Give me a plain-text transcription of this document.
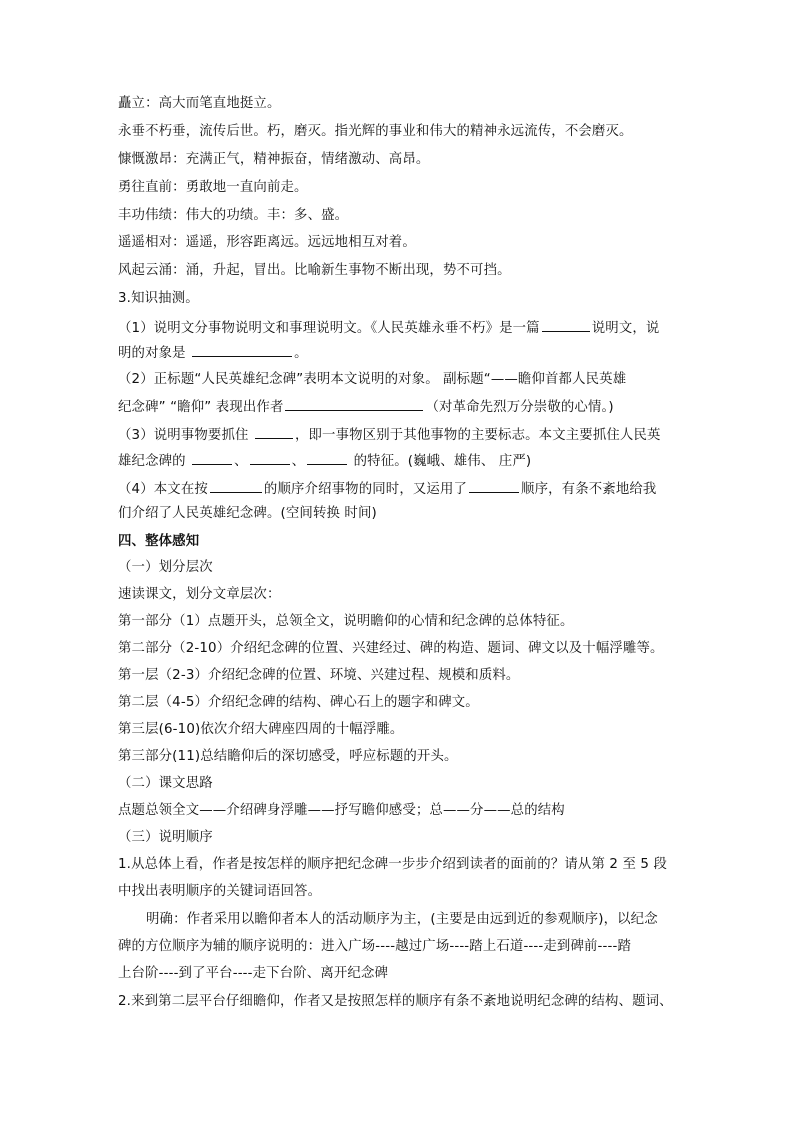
矗立：高大而笔直地挺立。
永垂不朽垂，流传后世。朽，磨灭。指光辉的事业和伟大的精神永远流传，不会磨灭。
慷慨激昂：充满正气，精神振奋，情绪激动、高昂。
勇往直前：勇敢地一直向前走。
丰功伟绩：伟大的功绩。丰：多、盛。
遥遥相对：遥遥，形容距离远。远远地相互对着。
风起云涌：涌，升起，冒出。比喻新生事物不断出现，势不可挡。
3.知识抽测。
（1）说明文分事物说明文和事理说明文。《人民英雄永垂不朽》是一篇	说明文，说
明的对象是	。
（2）正标题“人民英雄纪念碑”表明本文说明的对象。 副标题“——瞻仰首都人民英雄
纪念碑” “瞻仰” 表现出作者	（对革命先烈万分崇敬的心情。)
（3）说明事物要抓住	，即一事物区别于其他事物的主要标志。本文主要抓住人民英
雄纪念碑的	、	、	的特征。(巍峨、雄伟、 庄严)
（4）本文在按	的顺序介绍事物的同时，又运用了	顺序，有条不紊地给我
们介绍了人民英雄纪念碑。(空间转换 时间)
四、整体感知
（一）划分层次
速读课文，划分文章层次：
第一部分（1）点题开头，总领全文，说明瞻仰的心情和纪念碑的总体特征。
第二部分（2-10）介绍纪念碑的位置、兴建经过、碑的构造、题词、碑文以及十幅浮雕等。
第一层（2-3）介绍纪念碑的位置、环境、兴建过程、规模和质料。
第二层（4-5）介绍纪念碑的结构、碑心石上的题字和碑文。
第三层(6-10)依次介绍大碑座四周的十幅浮雕。
第三部分(11)总结瞻仰后的深切感受，呼应标题的开头。
（二）课文思路
点题总领全文——介绍碑身浮雕——抒写瞻仰感受；总——分——总的结构
（三）说明顺序
1.从总体上看，作者是按怎样的顺序把纪念碑一步步介绍到读者的面前的？请从第 2 至 5 段
中找出表明顺序的关键词语回答。
明确：作者采用以瞻仰者本人的活动顺序为主，(主要是由远到近的参观顺序)，以纪念
碑的方位顺序为辅的顺序说明的：进入广场----越过广场----踏上石道----走到碑前----踏
上台阶----到了平台----走下台阶、离开纪念碑
2.来到第二层平台仔细瞻仰，作者又是按照怎样的顺序有条不紊地说明纪念碑的结构、题词、
